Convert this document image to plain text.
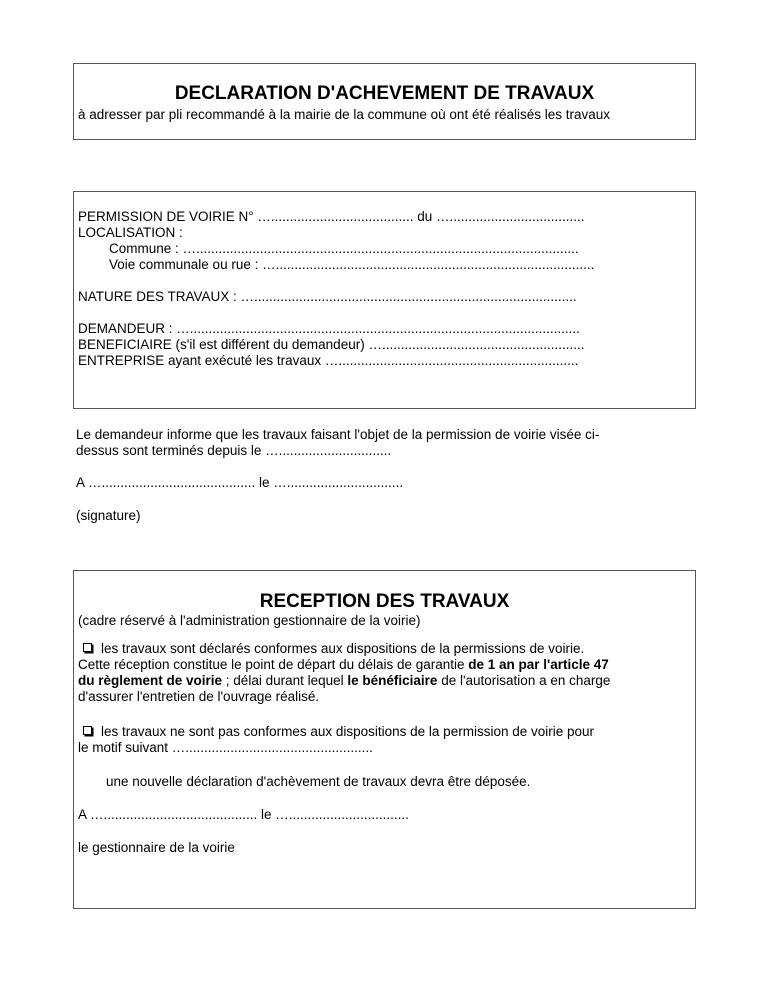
DECLARATION D'ACHEVEMENT DE TRAVAUX
à adresser par pli recommandé à la mairie de la commune où ont été réalisés les travaux
PERMISSION DE VOIRIE N° …...................................... du …....................................
LOCALISATION :
Commune : …......................................................................................................
Voie communale ou rue : ….....................................................................................
NATURE DES TRAVAUX : …......................................................................................
DEMANDEUR : …........................................................................................................
BENEFICIAIRE (s'il est différent du demandeur) …......................................................
ENTREPRISE ayant exécuté les travaux …................................................................
Le demandeur informe que les travaux faisant l'objet de la permission de voirie visée ci-
dessus sont terminés depuis le …..............................
A …......................................... le …...............................
(signature)
RECEPTION DES TRAVAUX
(cadre réservé à l'administration gestionnaire de la voirie)
les travaux sont déclarés conformes aux dispositions de la permissions de voirie.
Cette réception constitue le point de départ du délais de garantie de 1 an par l'article 47
du règlement de voirie ; délai durant lequel le bénéficiaire de l'autorisation a en charge
d'assurer l'entretien de l'ouvrage réalisé.
les travaux ne sont pas conformes aux dispositions de la permission de voirie pour
le motif suivant …..................................................
une nouvelle déclaration d'achèvement de travaux devra être déposée.
A …......................................... le …................................
le gestionnaire de la voirie
